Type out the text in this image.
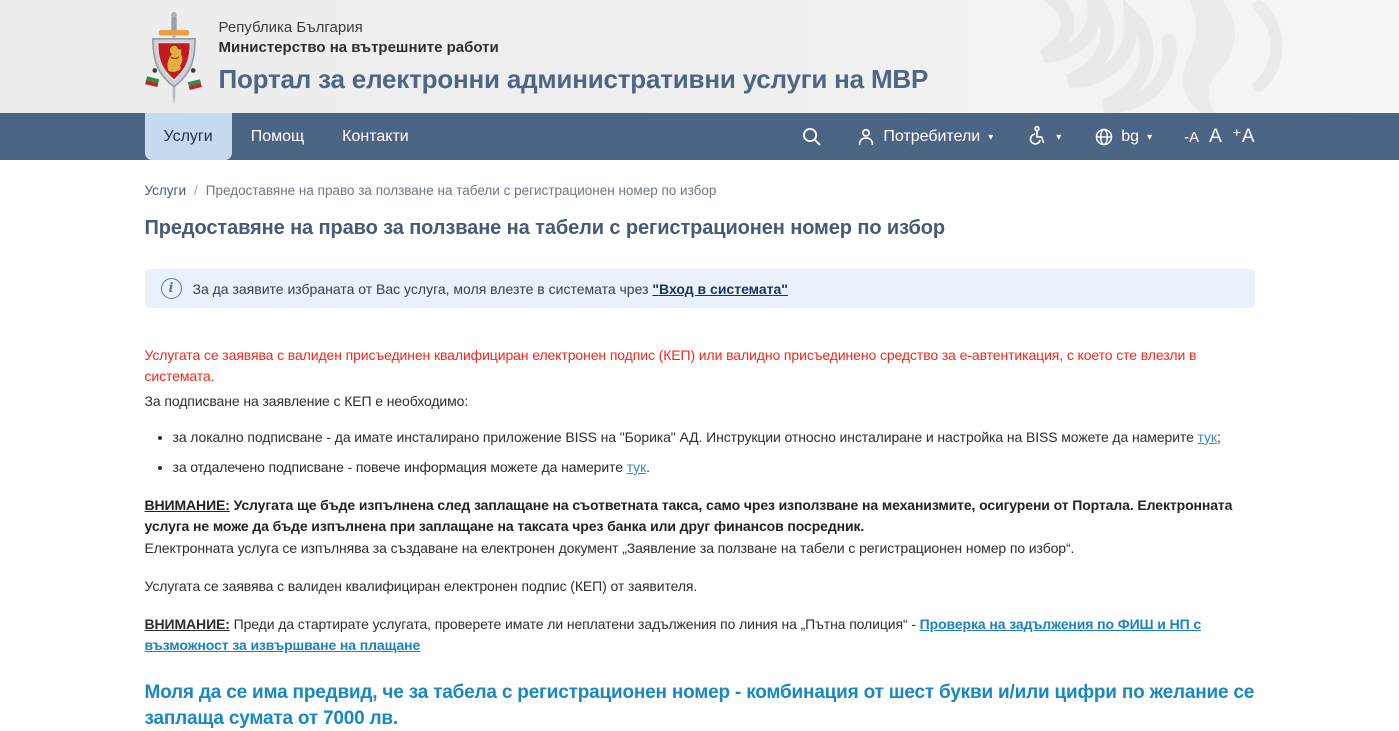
Република България
Министерство на вътрешните работи
Портал за електронни административни услуги на МВР
Услуги	Помощ	Контакти	Потребители ▾	▾	bg ▾ -A A ⁺A
Услуги / Предоставяне на право за ползване на табели с регистрационен номер по избор
Предоставяне на право за ползване на табели с регистрационен номер по избор
i	За да заявите избраната от Вас услуга, моля влезте в системата чрез "Вход в системата"

Услугата се заявява с валиден присъединен квалифициран електронен подпис (КЕП) или валидно присъединено средство за е-автентикация, с което сте влезли в системата.

За подписване на заявление с КЕП е необходимо:

• за локално подписване - да имате инсталирано приложение BISS на "Борика" АД. Инструкции относно инсталиране и настройка на BISS можете да намерите тук;
• за отдалечено подписване - повече информация можете да намерите тук.

ВНИМАНИЕ: Услугата ще бъде изпълнена след заплащане на съответната такса, само чрез използване на механизмите, осигурени от Портала. Електронната услуга не може да бъде изпълнена при заплащане на таксата чрез банка или друг финансов посредник.

Електронната услуга се изпълнява за създаване на електронен документ „Заявление за ползване на табели с регистрационен номер по избор“.

Услугата се заявява с валиден квалифициран електронен подпис (КЕП) от заявителя.

ВНИМАНИЕ: Преди да стартирате услугата, проверете имате ли неплатени задължения по линия на „Пътна полиция“ - Проверка на задължения по ФИШ и НП с възможност за извършване на плащане

Моля да се има предвид, че за табела с регистрационен номер - комбинация от шест букви и/или цифри по желание се заплаща сумата от 7000 лв.
